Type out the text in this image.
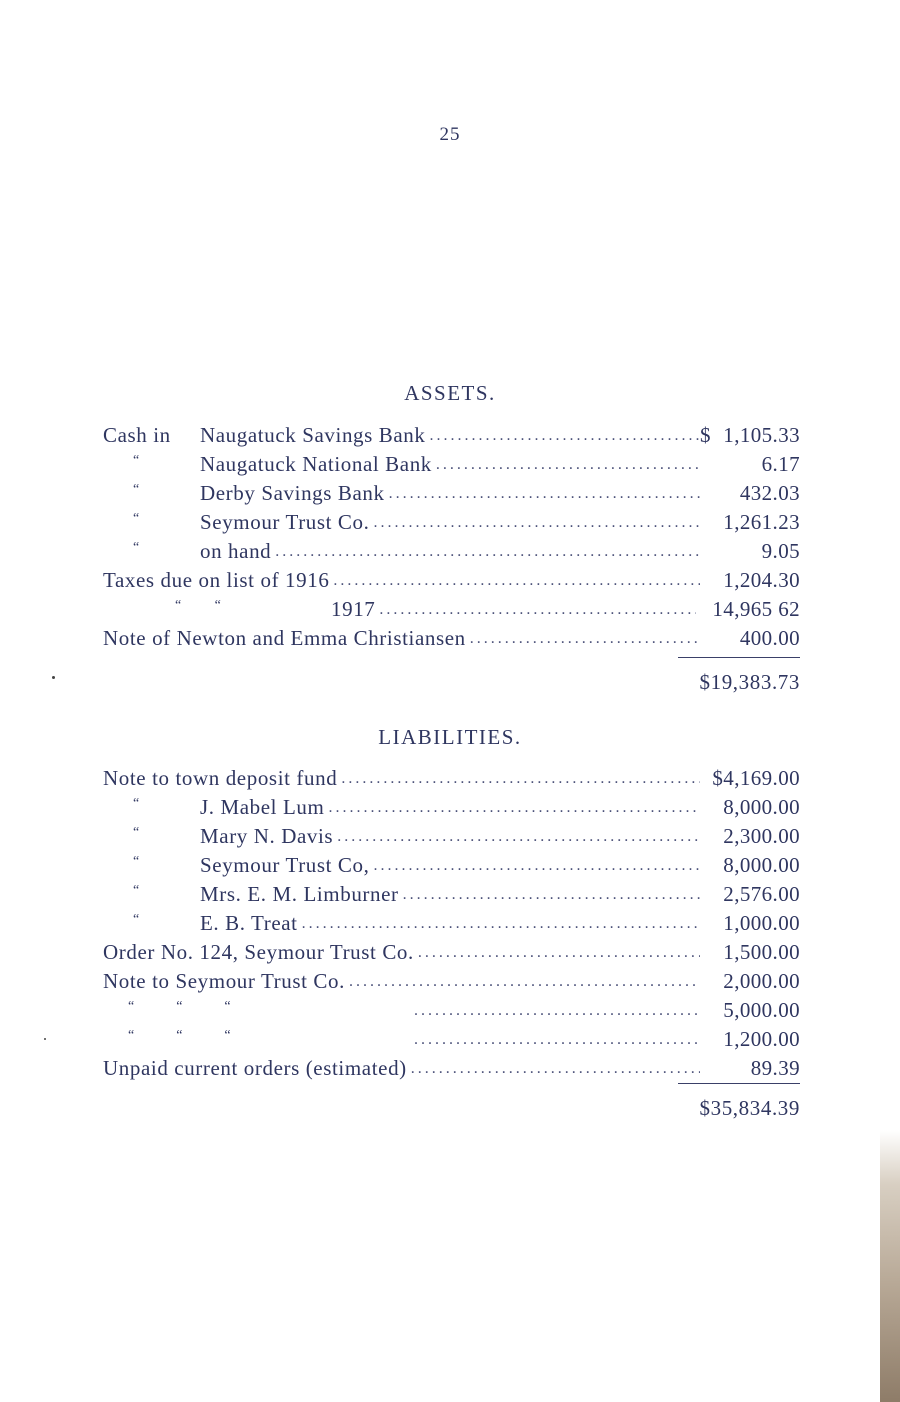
25
ASSETS.
Cash in	Naugatuck Savings Bank .....	$ 1,105.33
“	Naugatuck National Bank .....	6.17
“	Derby Savings Bank .....	432.03
“	Seymour Trust Co. .....	1,261.23
“	on hand .....	9.05
Taxes due on list of 1916 .....	1,204.30
“        “	1917 .....	14,965 62
Note of Newton and Emma Christiansen .....	400.00
$19,383.73
LIABILITIES.
Note to town deposit fund .....	$4,169.00
“	J. Mabel Lum .....	8,000.00
“	Mary N. Davis .....	2,300.00
“	Seymour Trust Co, .....	8,000.00
“	Mrs. E. M. Limburner .....	2,576.00
“	E. B. Treat .....	1,000.00
Order No. 124, Seymour Trust Co. .....	1,500.00
Note to Seymour Trust Co. .....	2,000.00
“            “            “ .....	5,000.00
“            “            “ .....	1,200.00
Unpaid current orders (estimated) .....	89.39
$35,834.39
